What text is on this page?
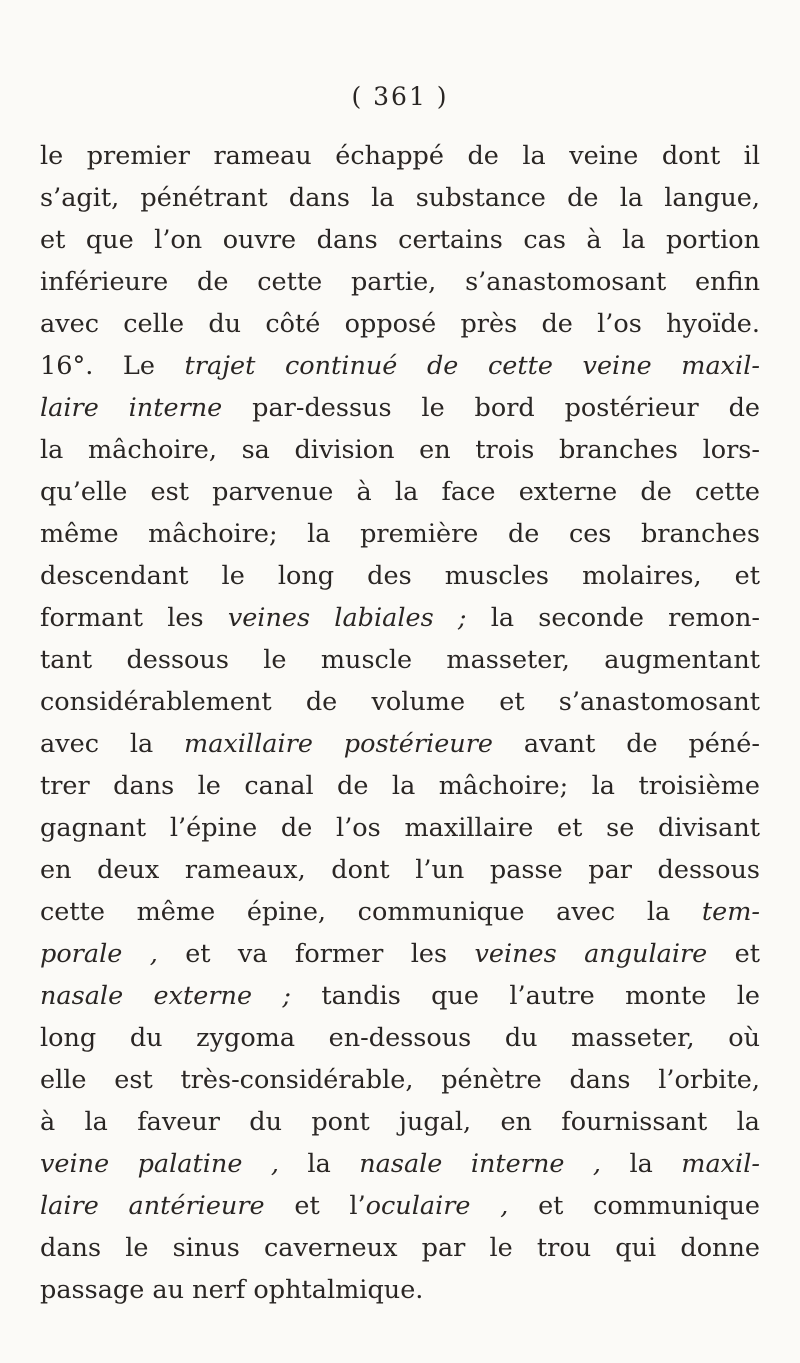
( 361 )
le premier rameau échappé de la veine dont il
s’agit, pénétrant dans la substance de la langue,
et que l’on ouvre dans certains cas à la portion
inférieure de cette partie, s’anastomosant enfin
avec celle du côté opposé près de l’os hyoïde.
16°. Le trajet continué de cette veine maxil-
laire interne par-dessus le bord postérieur de
la mâchoire, sa division en trois branches lors-
qu’elle est parvenue à la face externe de cette
même mâchoire; la première de ces branches
descendant le long des muscles molaires, et
formant les veines labiales ; la seconde remon-
tant dessous le muscle masseter, augmentant
considérablement de volume et s’anastomosant
avec la maxillaire postérieure avant de péné-
trer dans le canal de la mâchoire; la troisième
gagnant l’épine de l’os maxillaire et se divisant
en deux rameaux, dont l’un passe par dessous
cette même épine, communique avec la tem-
porale , et va former les veines angulaire et
nasale externe ; tandis que l’autre monte le
long du zygoma en-dessous du masseter, où
elle est très-considérable, pénètre dans l’orbite,
à la faveur du pont jugal, en fournissant la
veine palatine , la nasale interne , la maxil-
laire antérieure et l’oculaire , et communique
dans le sinus caverneux par le trou qui donne
passage au nerf ophtalmique.
